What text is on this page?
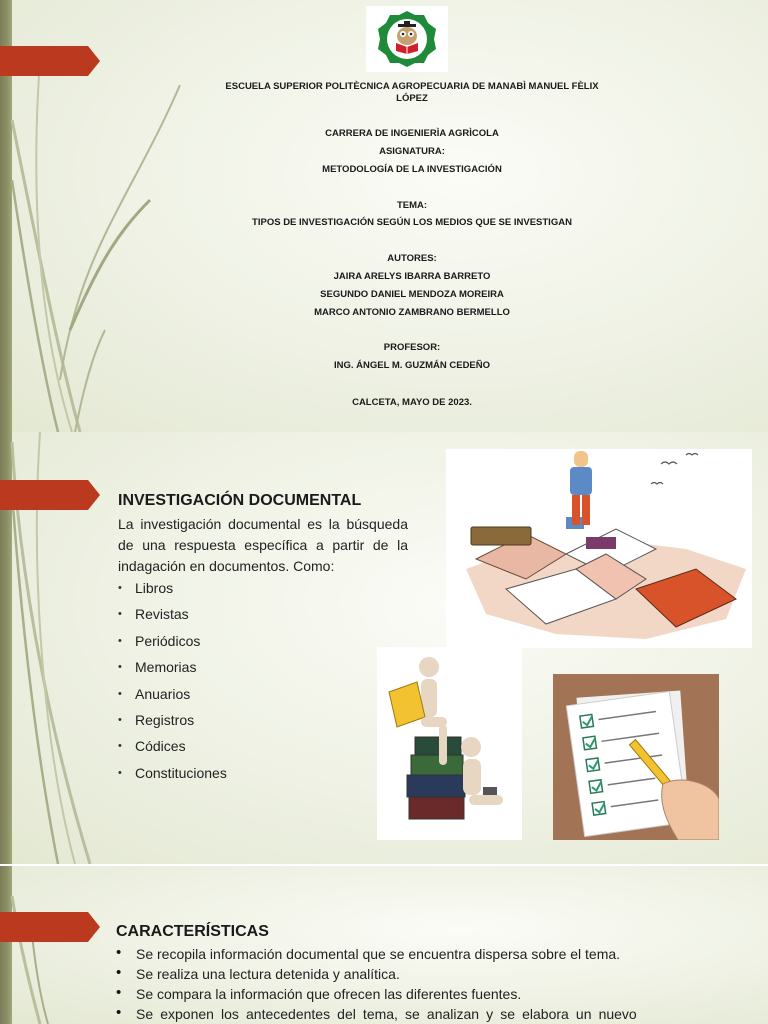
ESCUELA SUPERIOR POLITÈCNICA AGROPECUARIA DE MANABÌ MANUEL FÈLIX LÓPEZ
CARRERA DE INGENIERÌA AGRÌCOLA
ASIGNATURA:
METODOLOGÍA DE LA INVESTIGACIÓN
TEMA:
TIPOS DE INVESTIGACIÓN SEGÚN LOS MEDIOS QUE SE INVESTIGAN
AUTORES:
JAIRA ARELYS IBARRA BARRETO
SEGUNDO DANIEL MENDOZA MOREIRA
MARCO ANTONIO ZAMBRANO BERMELLO
PROFESOR:
ING. ÁNGEL M. GUZMÁN CEDEÑO
CALCETA, MAYO DE 2023.
INVESTIGACIÓN DOCUMENTAL

La investigación documental es la búsqueda de una respuesta específica a partir de la indagación en documentos. Como:

• Libros
• Revistas
• Periódicos
• Memorias
• Anuarios
• Registros
• Códices
• Constituciones
CARACTERÍSTICAS
• Se recopila información documental que se encuentra dispersa sobre el tema.
• Se realiza una lectura detenida y analítica.
• Se compara la información que ofrecen las diferentes fuentes.
• Se exponen los antecedentes del tema, se analizan y se elabora un nuevo
